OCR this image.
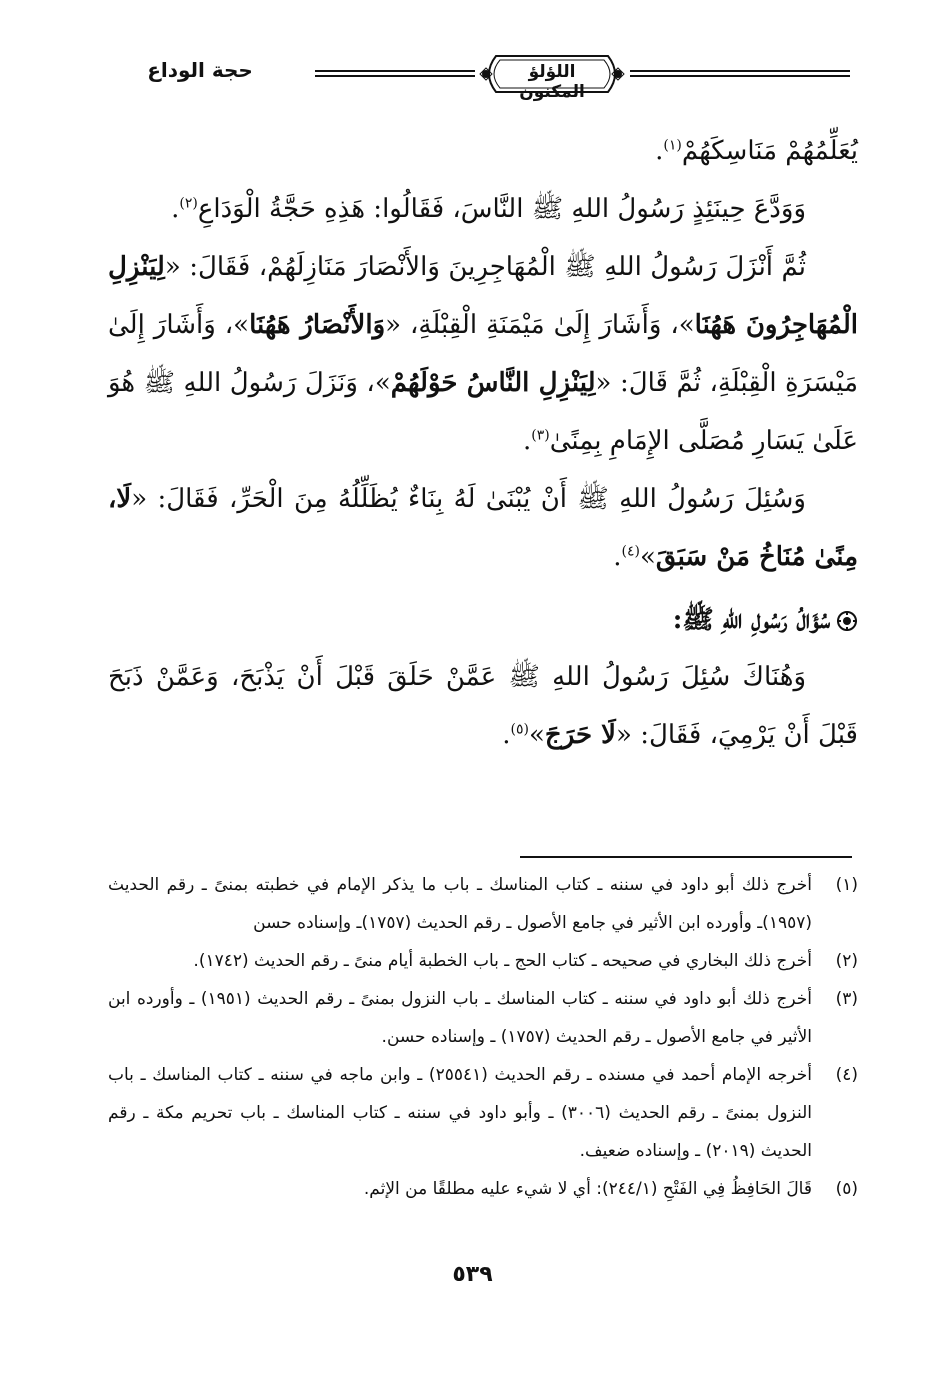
اللؤلؤ المكنون
حجة الوداع

يُعَلِّمُهُمْ مَنَاسِكَهُمْ$^{(١)}$.

وَوَدَّعَ حِينَئِذٍ رَسُولُ اللهِ ﷺ النَّاسَ، فَقَالُوا: هَذِهِ حَجَّةُ الْوَدَاعِ$^{(٢)}$.

ثُمَّ أَنْزَلَ رَسُولُ اللهِ ﷺ الْمُهَاجِرِينَ وَالأَنْصَارَ مَنَازِلَهُمْ، فَقَالَ: «لِيَنْزِلِ الْمُهَاجِرُونَ هَهُنَا»، وَأَشَارَ إِلَىٰ مَيْمَنَةِ الْقِبْلَةِ، «وَالأَنْصَارُ هَهُنَا»، وَأَشَارَ إِلَىٰ مَيْسَرَةِ الْقِبْلَةِ، ثُمَّ قَالَ: «لِيَنْزِلِ النَّاسُ حَوْلَهُمْ»، وَنَزَلَ رَسُولُ اللهِ ﷺ هُوَ عَلَىٰ يَسَارِ مُصَلَّى الإِمَامِ بِمِنًىٰ$^{(٣)}$.

وَسُئِلَ رَسُولُ اللهِ ﷺ أَنْ يُبْنَىٰ لَهُ بِنَاءٌ يُظَلِّلُهُ مِنَ الْحَرِّ، فَقَالَ: «لَا، مِنًىٰ مُنَاخُ مَنْ سَبَقَ»$^{(٤)}$.

سُؤَالُ رَسُولِ اللهِ ﷺ:

وَهُنَاكَ سُئِلَ رَسُولُ اللهِ ﷺ عَمَّنْ حَلَقَ قَبْلَ أَنْ يَذْبَحَ، وَعَمَّنْ ذَبَحَ قَبْلَ أَنْ يَرْمِيَ، فَقَالَ: «لَا حَرَجَ»$^{(٥)}$.

(١)
أخرج ذلك أبو داود في سننه ـ كتاب المناسك ـ باب ما يذكر الإمام في خطبته بمنىً ـ رقم الحديث (١٩٥٧)ـ وأورده ابن الأثير في جامع الأصول ـ رقم الحديث (١٧٥٧)ـ وإسناده حسن
(٢)
أخرج ذلك البخاري في صحيحه ـ كتاب الحج ـ باب الخطبة أيام منىً ـ رقم الحديث (١٧٤٢).
(٣)
أخرج ذلك أبو داود في سننه ـ كتاب المناسك ـ باب النزول بمنىً ـ رقم الحديث (١٩٥١) ـ وأورده ابن الأثير في جامع الأصول ـ رقم الحديث (١٧٥٧) ـ وإسناده حسن.
(٤)
أخرجه الإمام أحمد في مسنده ـ رقم الحديث (٢٥٥٤١) ـ وابن ماجه في سننه ـ كتاب المناسك ـ باب النزول بمنىً ـ رقم الحديث (٣٠٠٦) ـ وأبو داود في سننه ـ كتاب المناسك ـ باب تحريم مكة ـ رقم الحديث (٢٠١٩) ـ وإسناده ضعيف.
(٥)
قَالَ الحَافِظُ فِي الفَتْحِ (٢٤٤/١): أي لا شيء عليه مطلقًا من الإثم.
٥٣٩
